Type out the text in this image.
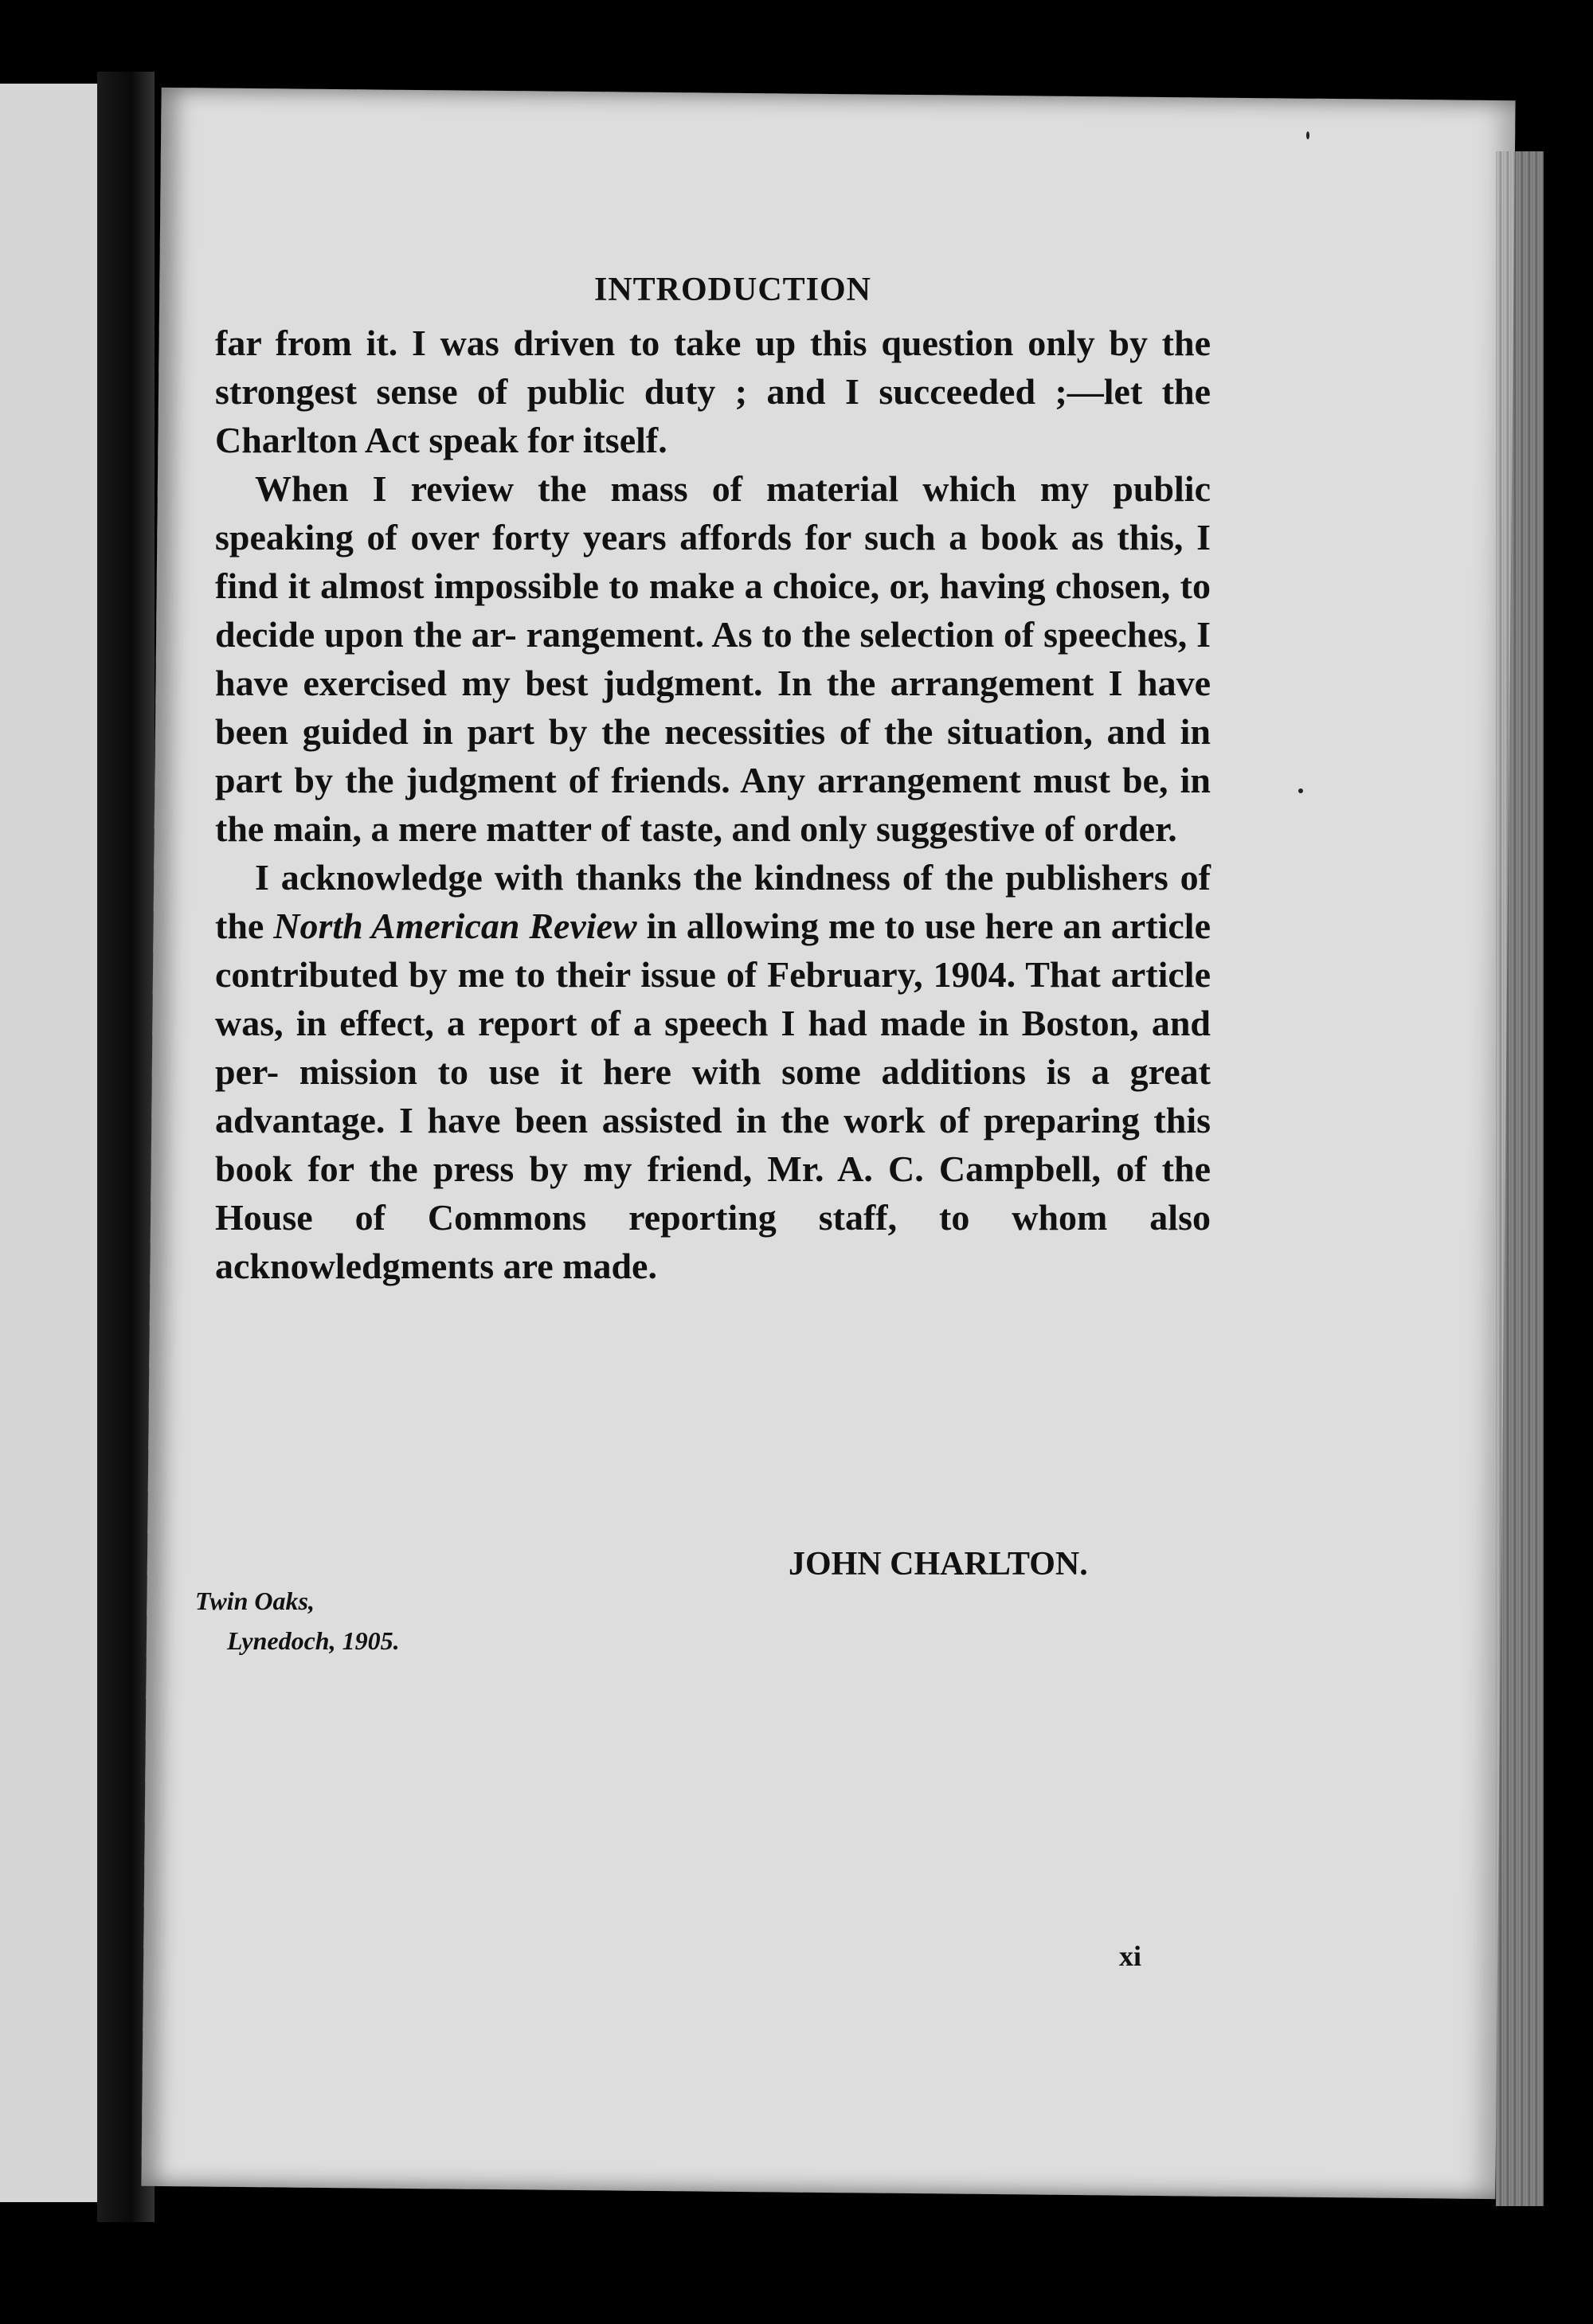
INTRODUCTION

far from it. I was driven to take up this question only by the strongest sense of public duty ; and I succeeded ;—let the Charlton Act speak for itself.

When I review the mass of material which my public speaking of over forty years affords for such a book as this, I find it almost impossible to make a choice, or, having chosen, to decide upon the ar- rangement. As to the selection of speeches, I have exercised my best judgment. In the arrangement I have been guided in part by the necessities of the situation, and in part by the judgment of friends. Any arrangement must be, in the main, a mere matter of taste, and only suggestive of order.

I acknowledge with thanks the kindness of the publishers of the North American Review in allowing me to use here an article contributed by me to their issue of February, 1904. That article was, in effect, a report of a speech I had made in Boston, and per- mission to use it here with some additions is a great advantage. I have been assisted in the work of preparing this book for the press by my friend, Mr. A. C. Campbell, of the House of Commons reporting staff, to whom also acknowledgments are made.

JOHN CHARLTON.
Twin Oaks,
Lynedoch, 1905.
xi
